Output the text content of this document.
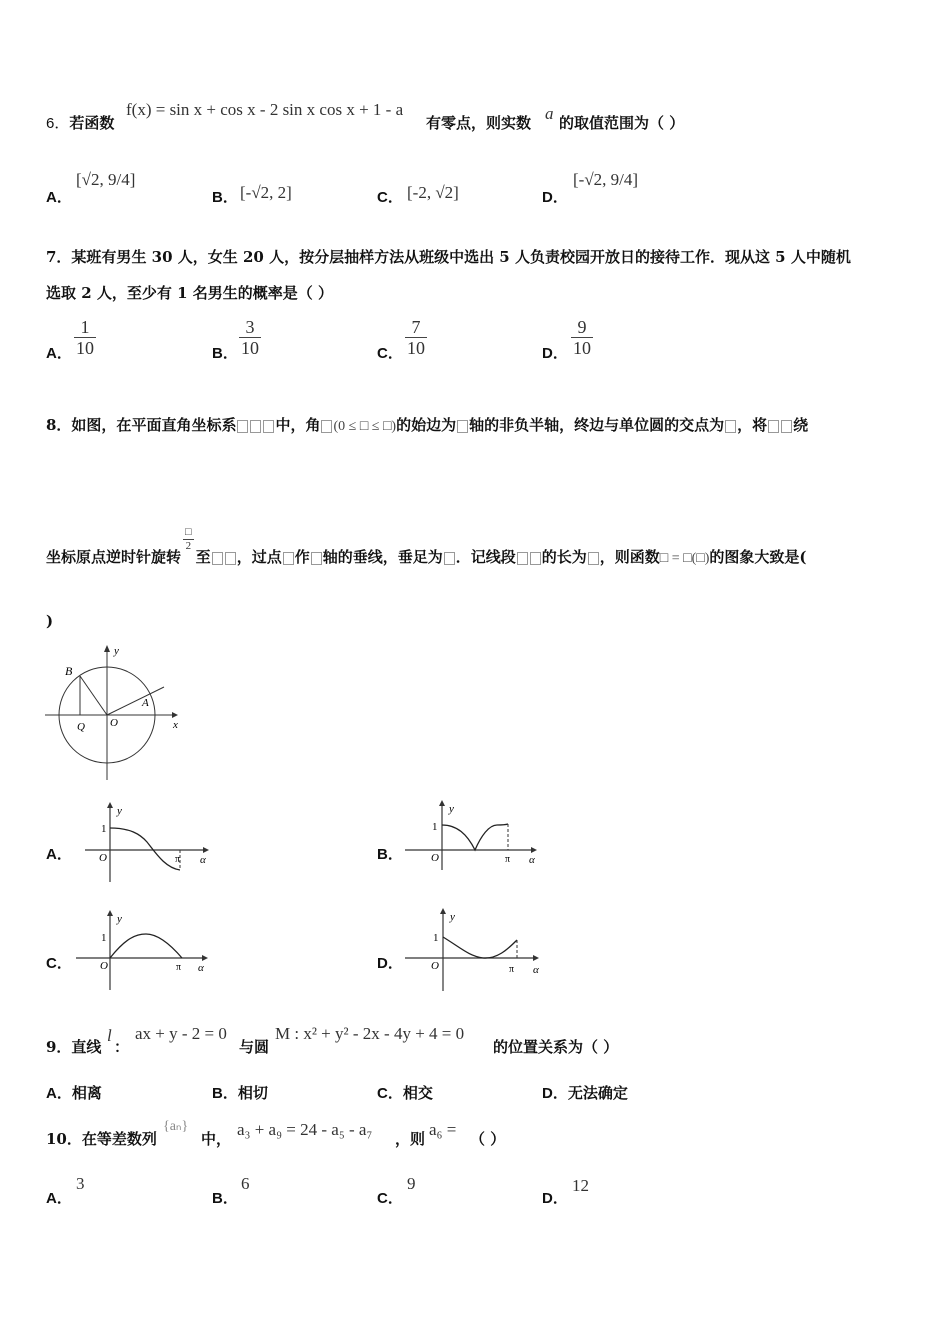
6．若函数
f(x) = sin x + cos x - 2 sin x cos x + 1 - a
有零点，则实数 a 的取值范围为（ ）
A．
[√2, 9/4]
B． [-√2, 2]	C． [-2, √2]	D．
[-√2, 9/4]
7．某班有男生 30 人，女生 20 人，按分层抽样方法从班级中选出 5 人负责校园开放日的接待工作．现从这 5 人中随机
选取 2 人，至少有 1 名男生的概率是（ ）
A． $\frac{1}{10}$	B． $\frac{3}{10}$	C． $\frac{7}{10}$	D． $\frac{9}{10}$
8．如图，在平面直角坐标系	中，角 (0 ≤ □ ≤ □)的始边为 轴的非负半轴，终边与单位圆的交点为 ，将 绕
坐标原点逆时针旋转
$\frac{□}{2}$
至 ，过点 作 轴的垂线，垂足为 ．记线段 的长为 ，则函数□ = □(□)的图象大致是(
)
y
x
B
A
O
Q
A．
y
1
O	π α	B．
y
1
O	π α
C．
y
1
O	π α	D．
y
1
O	π α
9．直线
l
：
ax + y - 2 = 0
与圆
M : x² + y² - 2x - 4y + 4 = 0
的位置关系为（ ）
A．相离	B．相切	C．相交	D．无法确定
10．在等差数列
{aₙ}
中， a₃ + a₉ = 24 - a₅ - a₇ ，则 a₆ = （ ）
A．
3
B．
6
C．
9
D．
12
